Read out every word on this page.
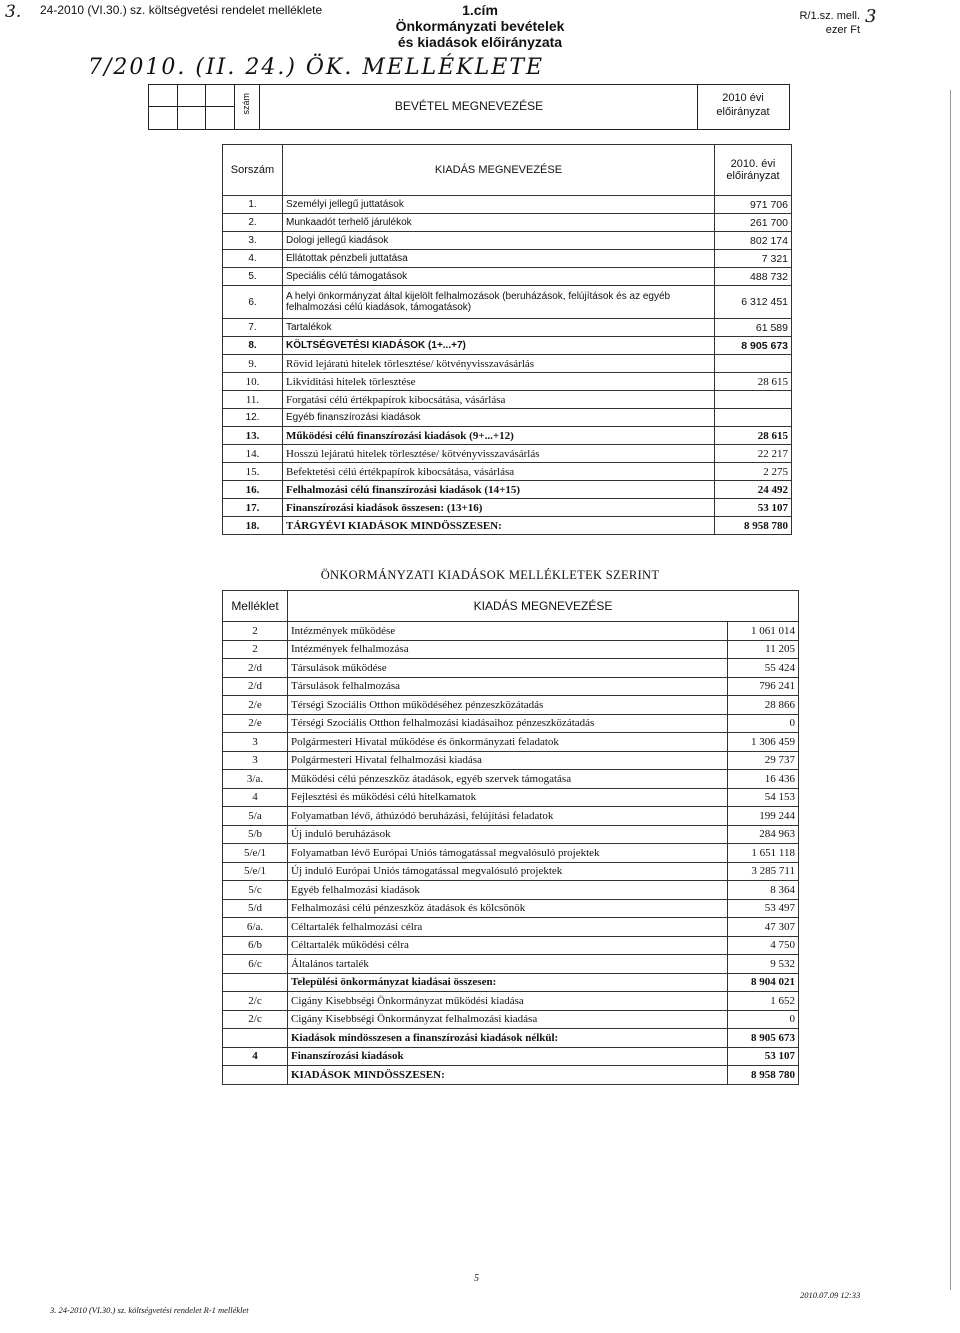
3. 24-2010 (VI.30.) sz. költségvetési rendelet melléklete	1.cím
Önkormányzati bevételek
és kiadások előirányzata
R/1.sz. mell.
ezer Ft
3
7/2010. (II. 24.) ÖK. MELLÉKLETE
szám	BEVÉTEL MEGNEVEZÉSE
2010 évi
előirányzat
Sorszám	KIADÁS MEGNEVEZÉSE	2010. évi
előirányzat

1.	Személyi jellegű juttatások	971 706
2.	Munkaadót terhelő járulékok	261 700
3.	Dologi jellegű kiadások	802 174
4.	Ellátottak pénzbeli juttatása	7 321
5.	Speciális célú támogatások	488 732
6.	A helyi önkormányzat által kijelölt felhalmozások (beruházások, felújítások és az egyéb felhalmozási célú kiadások, támogatások)	6 312 451
7.	Tartalékok	61 589
8.	KÖLTSÉGVETÉSI KIADÁSOK (1+...+7)	8 905 673
9.	Rövid lejáratú hitelek törlesztése/ kötvényvisszavásárlás	
10.	Likviditási hitelek törlesztése	28 615
11.	Forgatási célú értékpapírok kibocsátása, vásárlása	
12.	Egyéb finanszírozási kiadások	
13.	Működési célú finanszírozási kiadások (9+...+12)	28 615
14.	Hosszú lejáratú hitelek törlesztése/ kötvényvisszavásárlás	22 217
15.	Befektetési célú értékpapírok kibocsátása, vásárlása	2 275
16.	Felhalmozási célú finanszírozási kiadások (14+15)	24 492
17.	Finanszírozási kiadások összesen: (13+16)	53 107
18.	TÁRGYÉVI KIADÁSOK MINDÖSSZESEN:	8 958 780
ÖNKORMÁNYZATI KIADÁSOK MELLÉKLETEK SZERINT
Melléklet	KIADÁS MEGNEVEZÉSE	
2	Intézmények működése	1 061 014
2	Intézmények felhalmozása	11 205
2/d	Társulások működése	55 424
2/d	Társulások felhalmozása	796 241
2/e	Térségi Szociális Otthon működéséhez pénzeszközátadás	28 866
2/e	Térségi Szociális Otthon felhalmozási kiadásaihoz pénzeszközátadás	0
3	Polgármesteri Hivatal működése és önkormányzati feladatok	1 306 459
3	Polgármesteri Hivatal felhalmozási kiadása	29 737
3/a.	Működési célú pénzeszköz átadások, egyéb szervek támogatása	16 436
4	Fejlesztési és működési célú hitelkamatok	54 153
5/a	Folyamatban lévő, áthúzódó beruházási, felújítási feladatok	199 244
5/b	Új induló beruházások	284 963
5/e/1	Folyamatban lévő Európai Uniós támogatással megvalósuló projektek	1 651 118
5/e/1	Új induló Európai Uniós támogatással megvalósuló projektek	3 285 711
5/c	Egyéb felhalmozási kiadások	8 364
5/d	Felhalmozási célú pénzeszköz átadások és kölcsönök	53 497
6/a.	Céltartalék felhalmozási célra	47 307
6/b	Céltartalék működési célra	4 750
6/c	Általános tartalék	9 532
	Települési önkormányzat kiadásai összesen:	8 904 021
2/c	Cigány Kisebbségi Önkormányzat működési kiadása	1 652
2/c	Cigány Kisebbségi Önkormányzat felhalmozási kiadása	0
	Kiadások mindösszesen a finanszírozási kiadások nélkül:	8 905 673
4	Finanszírozási kiadások	53 107
	KIADÁSOK MINDÖSSZESEN:	8 958 780
5
3. 24-2010 (VI.30.) sz. költségvetési rendelet R-1 melléklet
2010.07.09 12:33
